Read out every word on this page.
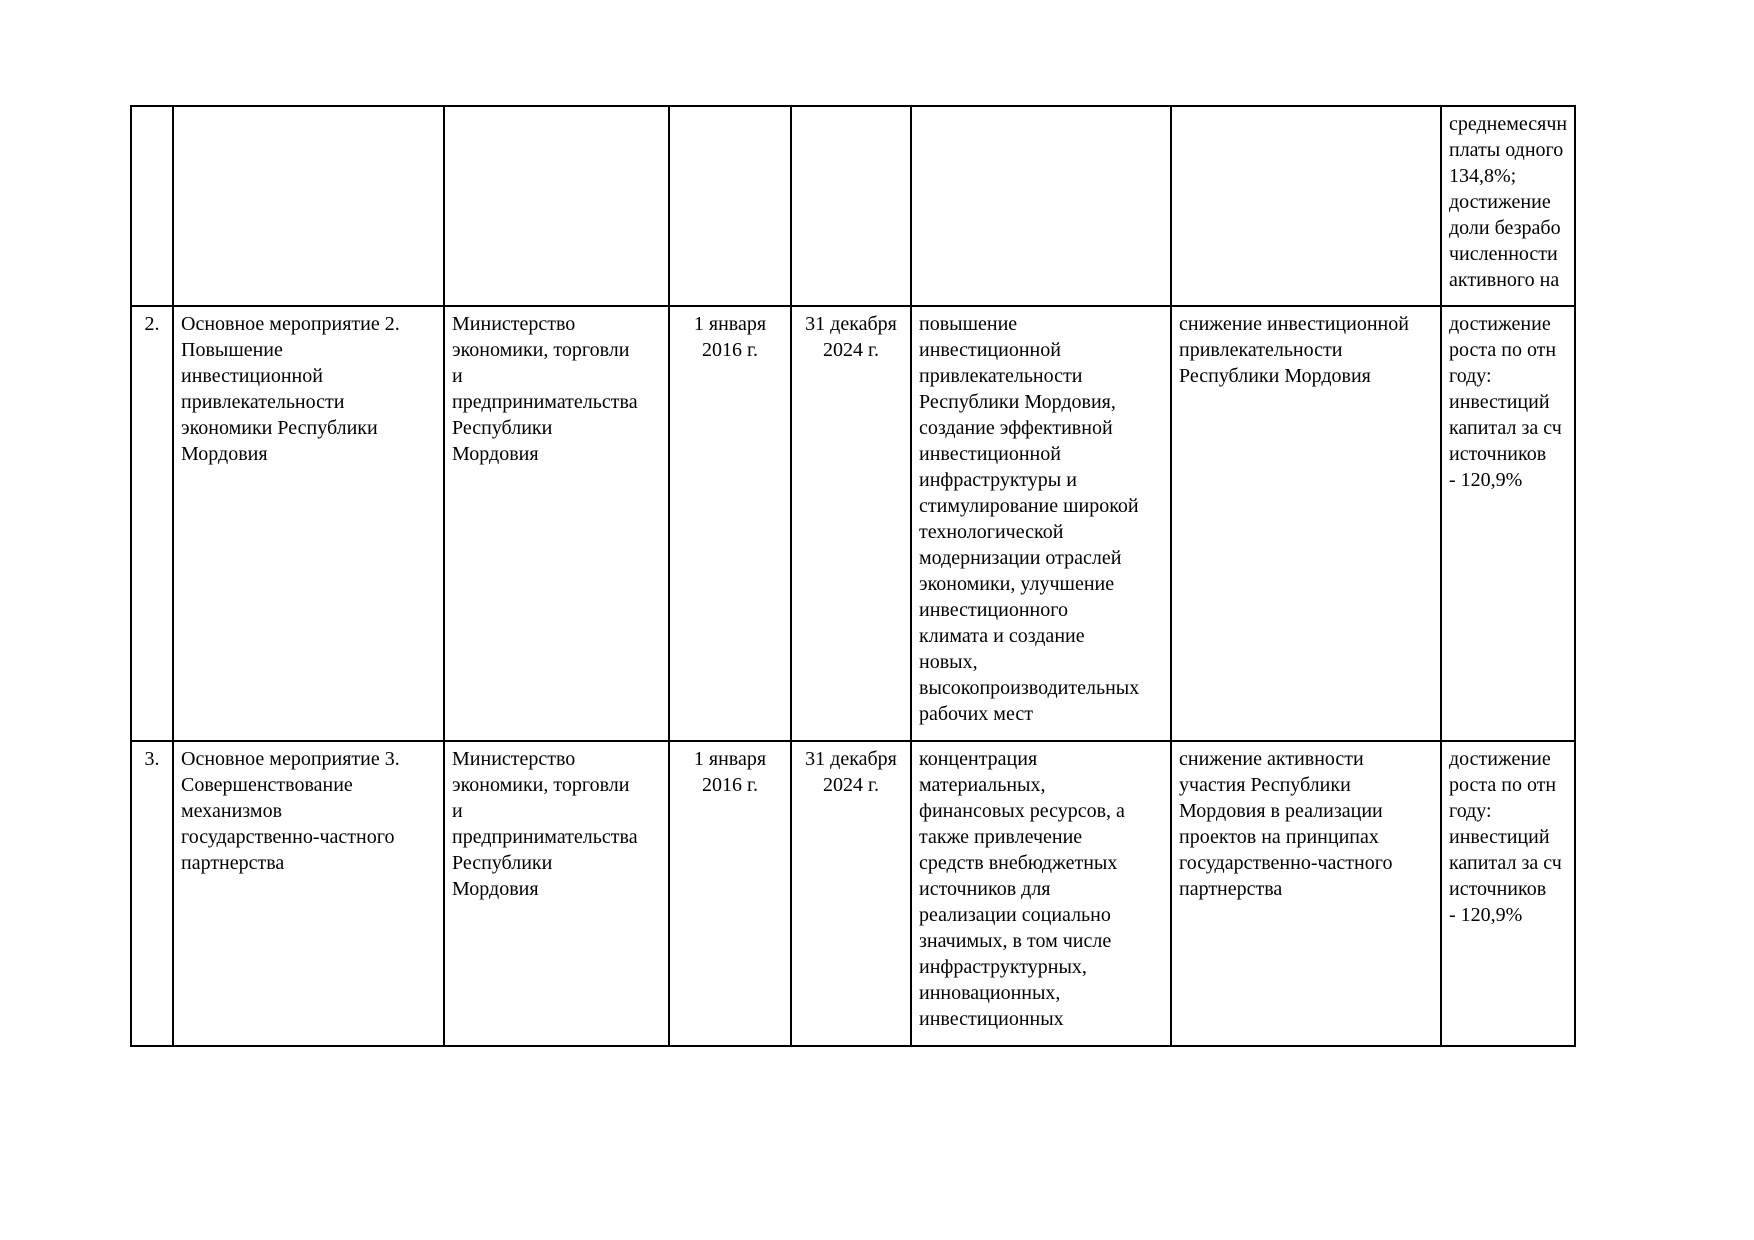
							среднемесячн
платы одного
134,8%;
достижение
доли безрабо
численности
активного на
2.	Основное мероприятие 2.
Повышение
инвестиционной
привлекательности
экономики Республики
Мордовия	Министерство
экономики, торговли
и
предпринимательства
Республики
Мордовия	1 января
2016 г.	31 декабря
2024 г.	повышение
инвестиционной
привлекательности
Республики Мордовия,
создание эффективной
инвестиционной
инфраструктуры и
стимулирование широкой
технологической
модернизации отраслей
экономики, улучшение
инвестиционного
климата и создание
новых,
высокопроизводительных
рабочих мест	снижение инвестиционной
привлекательности
Республики Мордовия	достижение
роста по отн
году:
инвестиций
капитал за сч
источников
- 120,9%
3.	Основное мероприятие 3.
Совершенствование
механизмов
государственно-частного
партнерства	Министерство
экономики, торговли
и
предпринимательства
Республики
Мордовия	1 января
2016 г.	31 декабря
2024 г.	концентрация
материальных,
финансовых ресурсов, а
также привлечение
средств внебюджетных
источников для
реализации социально
значимых, в том числе
инфраструктурных,
инновационных,
инвестиционных	снижение активности
участия Республики
Мордовия в реализации
проектов на принципах
государственно-частного
партнерства	достижение
роста по отн
году:
инвестиций
капитал за сч
источников
- 120,9%
